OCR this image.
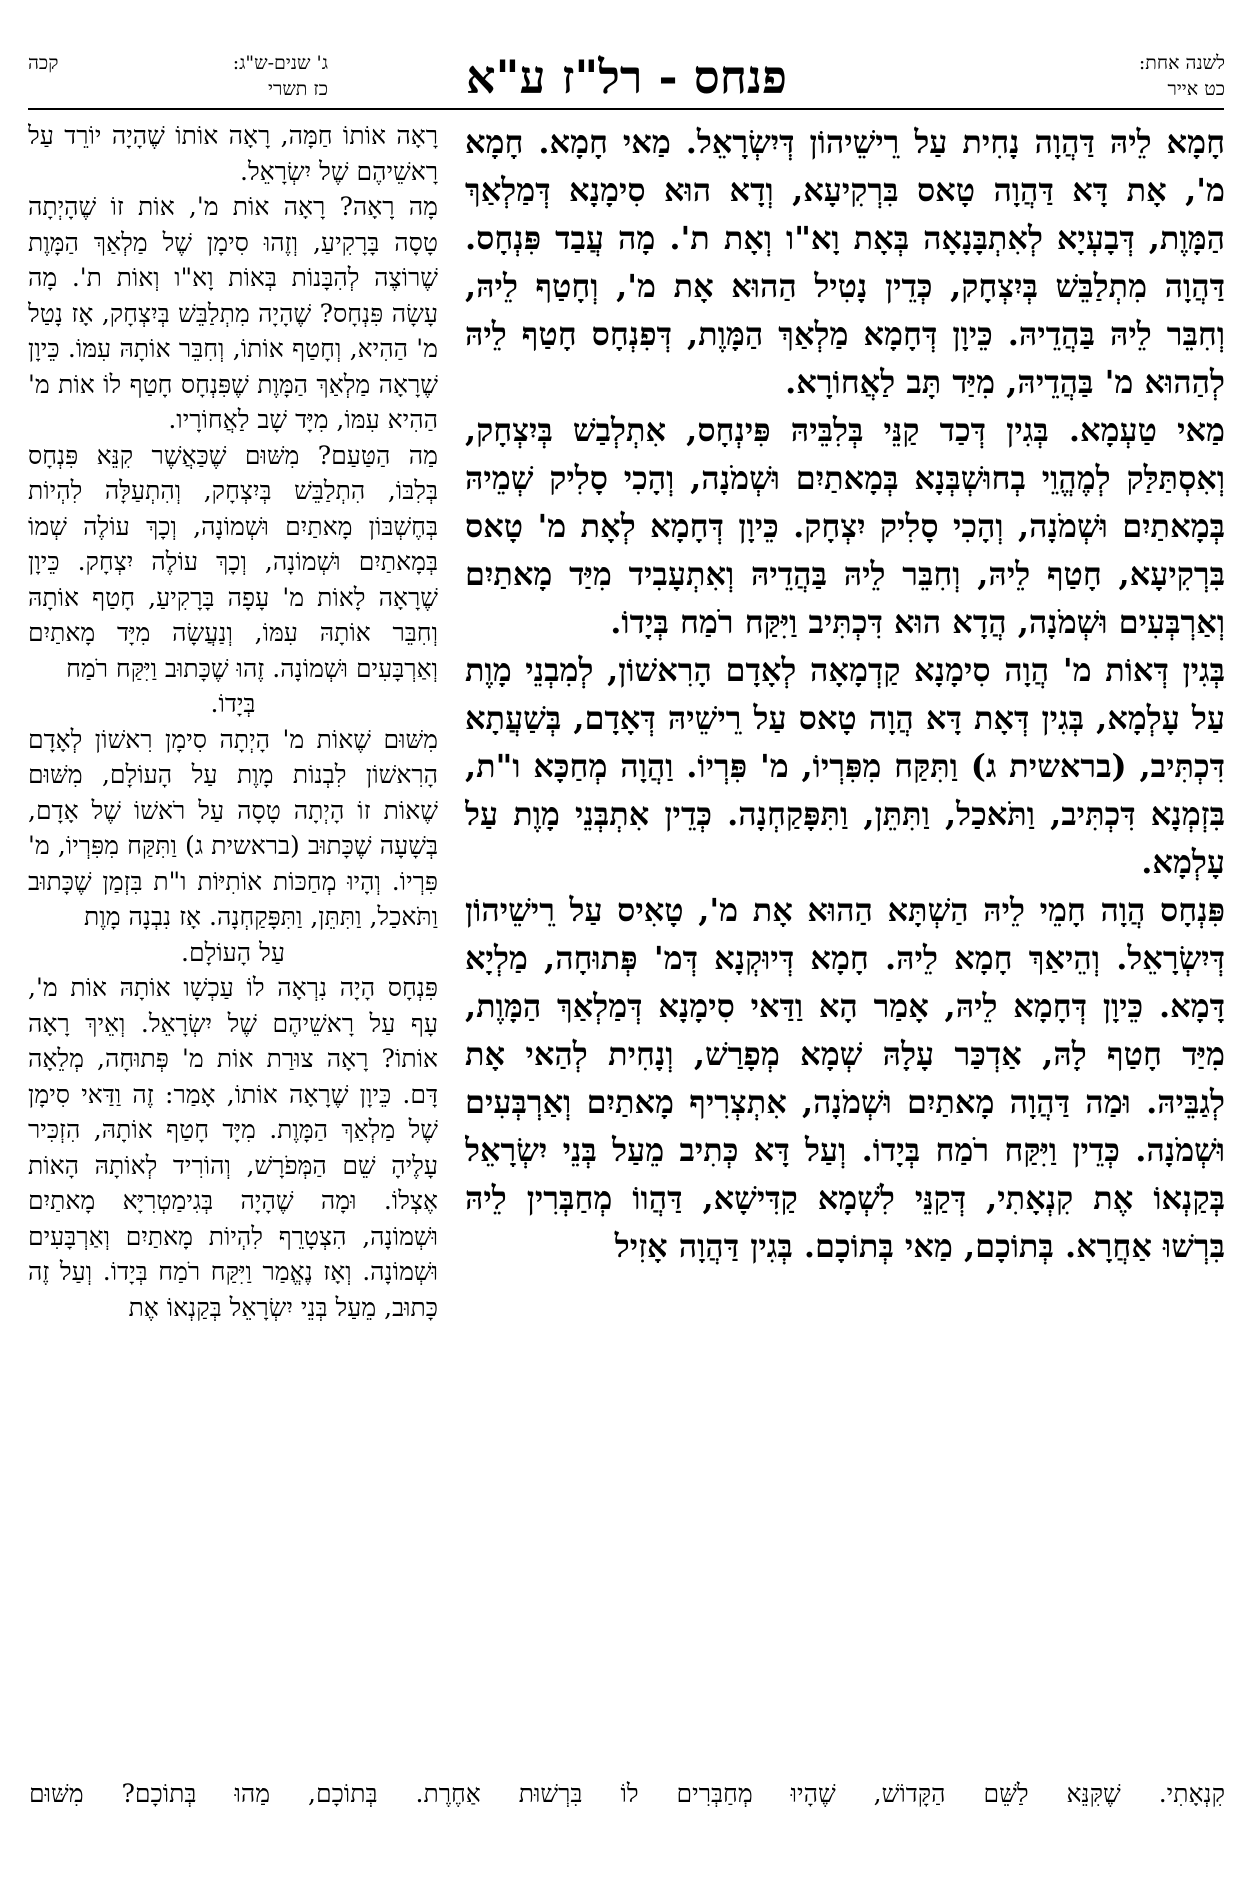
לשנה אחת:
כט אייר
פנחס - רל"ז ע"א
ג' שנים-ש"ג:
קכה
כז תשרי

חָמָא לֵיהּ דַּהֲוָה נָחִית עַל רֵישֵׁיהוֹן דְּיִשְׂרָאֵל. מַאי חָמָא. חָמָא מ', אָת דָּא דַּהֲוָה טָאס בִּרְקִיעָא, וְדָא הוּא סִימָנָא דְּמַלְאַךְ הַמָּוֶת, דְּבָעְיָא לְאִתְבָּנָאָה בְּאָת וָא"ו וְאָת ת'. מָה עֲבַד פִּנְחָס. דַּהֲוָה מִתְלַבֵּשׁ בְּיִצְחָק, כְּדֵין נָטִיל הַהוּא אָת מ', וְחָטַף לֵיהּ, וְחִבֵּר לֵיהּ בַּהֲדֵיהּ. כֵּיוָן דְּחָמָא מַלְאַךְ הַמָּוֶת, דְּפִנְחָס חָטַף לֵיהּ לְהַהוּא מ' בַּהֲדֵיהּ, מִיַּד תָּב לַאֲחוֹרָא.

מַאי טַעְמָא. בְּגִין דְּכַד קַנֵּי בְּלִבֵּיהּ פִּינְחָס, אִתְלְבַשׁ בְּיִצְחָק, וְאִסְתַּלַּק לְמֶהֱוֵי בְחוּשְׁבְּנָא בְּמָאתַיִם וּשְׁמֹנָה, וְהָכִי סָלִיק שְׁמֵיהּ בְּמָאתַיִם וּשְׁמֹנָה, וְהָכִי סָלִיק יִצְחָק. כֵּיוָן דְּחָמָא לְאָת מ' טָאס בִּרְקִיעָא, חָטַף לֵיהּ, וְחִבֵּר לֵיהּ בַּהֲדֵיהּ וְאִתְעָבִיד מִיַּד מָאתַיִם וְאַרְבְּעִים וּשְׁמֹנָה, הֲדָא הוּא דִּכְתִּיב וַיִּקַּח רֹמַח בְּיָדוֹ.

בְּגִין דְּאוֹת מ' הֲוָה סִימָנָא קַדְמָאָה לְאָדָם הָרִאשׁוֹן, לְמִבְנֵי מָוֶת עַל עָלְמָא, בְּגִין דְּאָת דָּא הֲוָה טָאס עַל רֵישֵׁיהּ דְּאָדָם, בְּשַׁעֲתָא דִּכְתִּיב, (בראשית ג) וַתִּקַּח מִפִּרְיוֹ, מ' פִּרְיוֹ. וַהֲוָה מְחַכָּא ו"ת, בִּזְמְנָא דִּכְתִּיב, וַתֹּאכַל, וַתִּתֵּן, וַתִּפָּקַחְנָה. כְּדֵין אִתְבְּנֵי מָוֶת עַל עָלְמָא.

פִּנְחָס הֲוָה חָמֵי לֵיהּ הַשְׁתָּא הַהוּא אָת מ', טָאִיס עַל רֵישֵׁיהוֹן דְּיִשְׂרָאֵל. וְהֵיאַךְ חָמָא לֵיהּ. חָמָא דְּיוּקְנָא דְּמ' פְּתוּחָה, מַלְיָא דָּמָא. כֵּיוָן דְּחָמָא לֵיהּ, אָמַר הָא וַדַּאי סִימָנָא דְּמַלְאַךְ הַמָּוֶת, מִיַּד חָטַף לָהּ, אַדְכַּר עָלָהּ שְׁמָא מְפָרַשׁ, וְנָחִית לְהַאי אָת לְגַבֵּיהּ. וּמַה דַּהֲוָה מָאתַיִם וּשְׁמֹנָה, אִתְצְרִיף מָאתַיִם וְאַרְבְּעִים וּשְׁמֹנָה. כְּדֵין וַיִּקַּח רֹמַח בְּיָדוֹ. וְעַל דָּא כְּתִיב מֵעַל בְּנֵי יִשְׂרָאֵל בְּקַנְאוֹ אֶת קִנְאָתִי, דְּקַנֵּי לִשְׁמָא קַדִּישָׁא, דַּהֲווֹ מְחַבְּרִין לֵיהּ בִּרְשׁוּ אַחֲרָא. בְּתוֹכָם, מַאי בְּתוֹכָם. בְּגִין דַּהֲוָה אָזִיל

רָאָה אוֹתוֹ חַמָּה, רָאָה אוֹתוֹ שֶׁהָיָה יוֹרֵד עַל רָאשֵׁיהֶם שֶׁל יִשְׂרָאֵל.

מָה רָאָה? רָאָה אוֹת מ', אוֹת זוֹ שֶׁהָיְתָה טָסָה בָּרָקִיעַ, וְזֶהוּ סִימָן שֶׁל מַלְאַךְ הַמָּוֶת שֶׁרוֹצֶה לְהִבָּנוֹת בְּאוֹת וָא"ו וְאוֹת ת'. מָה עָשָׂה פִּנְחָס? שֶׁהָיָה מִתְלַבֵּשׁ בְּיִצְחָק, אָז נָטַל מ' הַהִיא, וְחָטַף אוֹתוֹ, וְחִבֵּר אוֹתָהּ עִמּוֹ. כֵּיוָן שֶׁרָאָה מַלְאַךְ הַמָּוֶת שֶׁפִּנְחָס חָטַף לוֹ אוֹת מ' הַהִיא עִמּוֹ, מִיָּד שָׁב לַאֲחוֹרָיו.

מַה הַטַּעַם? מִשּׁוּם שֶׁכַּאֲשֶׁר קִנֵּא פִּנְחָס בְּלִבּוֹ, הִתְלַבֵּשׁ בְּיִצְחָק, וְהִתְעַלָּה לִהְיוֹת בְּחֶשְׁבּוֹן מָאתַיִם וּשְׁמוֹנָה, וְכָךְ עוֹלֶה שְׁמוֹ בְּמָאתַיִם וּשְׁמוֹנָה, וְכָךְ עוֹלֶה יִצְחָק. כֵּיוָן שֶׁרָאָה לָאוֹת מ' עָפָה בָּרָקִיעַ, חָטַף אוֹתָהּ וְחִבֵּר אוֹתָהּ עִמּוֹ, וְנַעֲשָׂה מִיָּד מָאתַיִם וְאַרְבָּעִים וּשְׁמוֹנָה. זֶהוּ שֶׁכָּתוּב וַיִּקַּח רֹמַח

בְּיָדוֹ.

מִשּׁוּם שֶׁאוֹת מ' הָיְתָה סִימָן רִאשׁוֹן לְאָדָם הָרִאשׁוֹן לִבְנוֹת מָוֶת עַל הָעוֹלָם, מִשּׁוּם שֶׁאוֹת זוֹ הָיְתָה טָסָה עַל רֹאשׁוֹ שֶׁל אָדָם, בְּשָׁעָה שֶׁכָּתוּב (בראשית ג) וַתִּקַּח מִפִּרְיוֹ, מ' פִּרְיוֹ. וְהָיוּ מְחַכּוֹת אוֹתִיּוֹת ו"ת בִּזְמַן שֶׁכָּתוּב וַתֹּאכַל, וַתִּתֵּן, וַתִּפָּקַחְנָה. אָז נִבְנָה מָוֶת

עַל הָעוֹלָם.

פִּנְחָס הָיָה נִרְאָה לוֹ עַכְשָׁו אוֹתָהּ אוֹת מ', עָף עַל רָאשֵׁיהֶם שֶׁל יִשְׂרָאֵל. וְאֵיךְ רָאָה אוֹתוֹ? רָאָה צוּרַת אוֹת מ' פְּתוּחָה, מְלֵאָה דָּם. כֵּיוָן שֶׁרָאָה אוֹתוֹ, אָמַר: זֶה וַדַּאי סִימָן שֶׁל מַלְאַךְ הַמָּוֶת. מִיָּד חָטַף אוֹתָהּ, הִזְכִּיר עָלֶיהָ שֵׁם הַמְּפֹרָשׁ, וְהוֹרִיד לְאוֹתָהּ הָאוֹת אֶצְלוֹ. וּמָה שֶׁהָיָה בְּגִימַטְרִיָּא מָאתַיִם וּשְׁמוֹנָה, הִצְטָרֵף לִהְיוֹת מָאתַיִם וְאַרְבָּעִים וּשְׁמוֹנָה. וְאָז נֶאֱמַר וַיִּקַּח רֹמַח בְּיָדוֹ. וְעַל זֶה כָּתוּב, מֵעַל בְּנֵי יִשְׂרָאֵל בְּקַנְאוֹ אֶת

קִנְאָתִי. שֶׁקִּנֵּא לַשֵּׁם הַקָּדוֹשׁ, שֶׁהָיוּ מְחַבְּרִים לוֹ בִּרְשׁוּת אַחֶרֶת. בְּתוֹכָם, מַהוּ בְּתוֹכָם? מִשּׁוּם
